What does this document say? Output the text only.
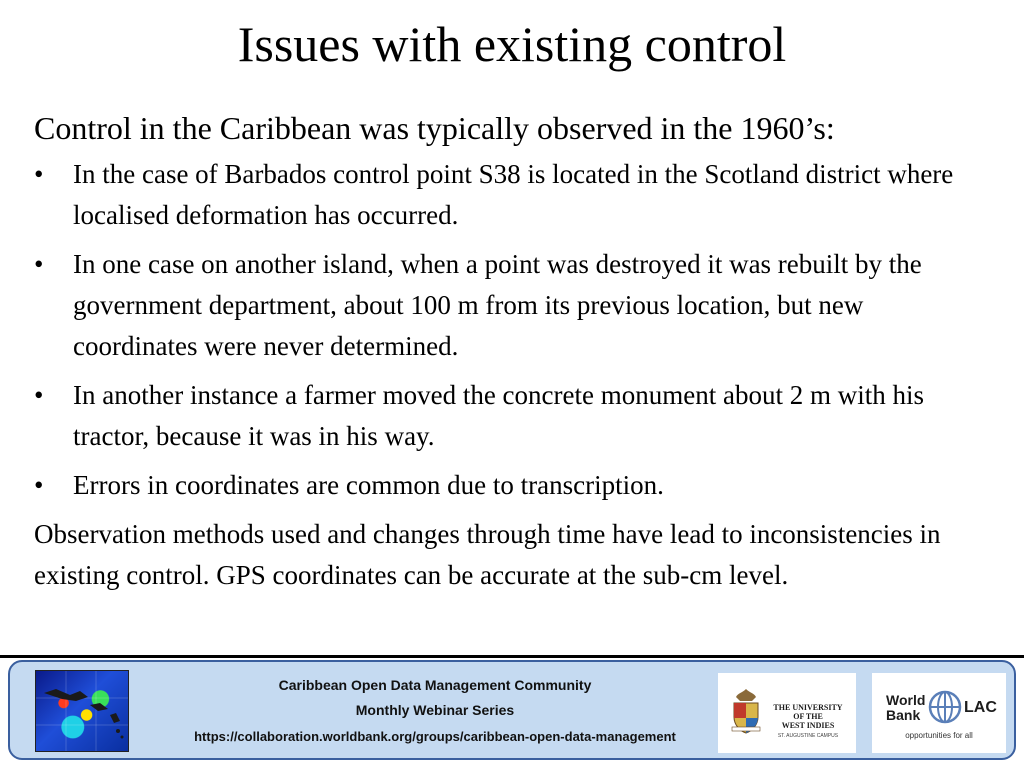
Issues with existing control

Control in the Caribbean was typically observed in the 1960’s:

•	In the case of Barbados control point S38 is located in the Scotland district where localised deformation has occurred.
•	In one case on another island, when a point was destroyed it was rebuilt by the government department, about 100 m from its previous location, but new coordinates were never determined.
•	In another instance a farmer moved the concrete monument about 2 m with his tractor, because it was in his way.
•	Errors in coordinates are common due to transcription.

Observation methods used and changes through time have lead to inconsistencies in existing control. GPS coordinates can be accurate at the sub-cm level.

Caribbean Open Data Management Community
Monthly Webinar Series
https://collaboration.worldbank.org/groups/caribbean-open-data-management
THE UNIVERSITY
OF THE
WEST INDIES
ST. AUGUSTINE CAMPUS
World
Bank	LAC
opportunities for all
